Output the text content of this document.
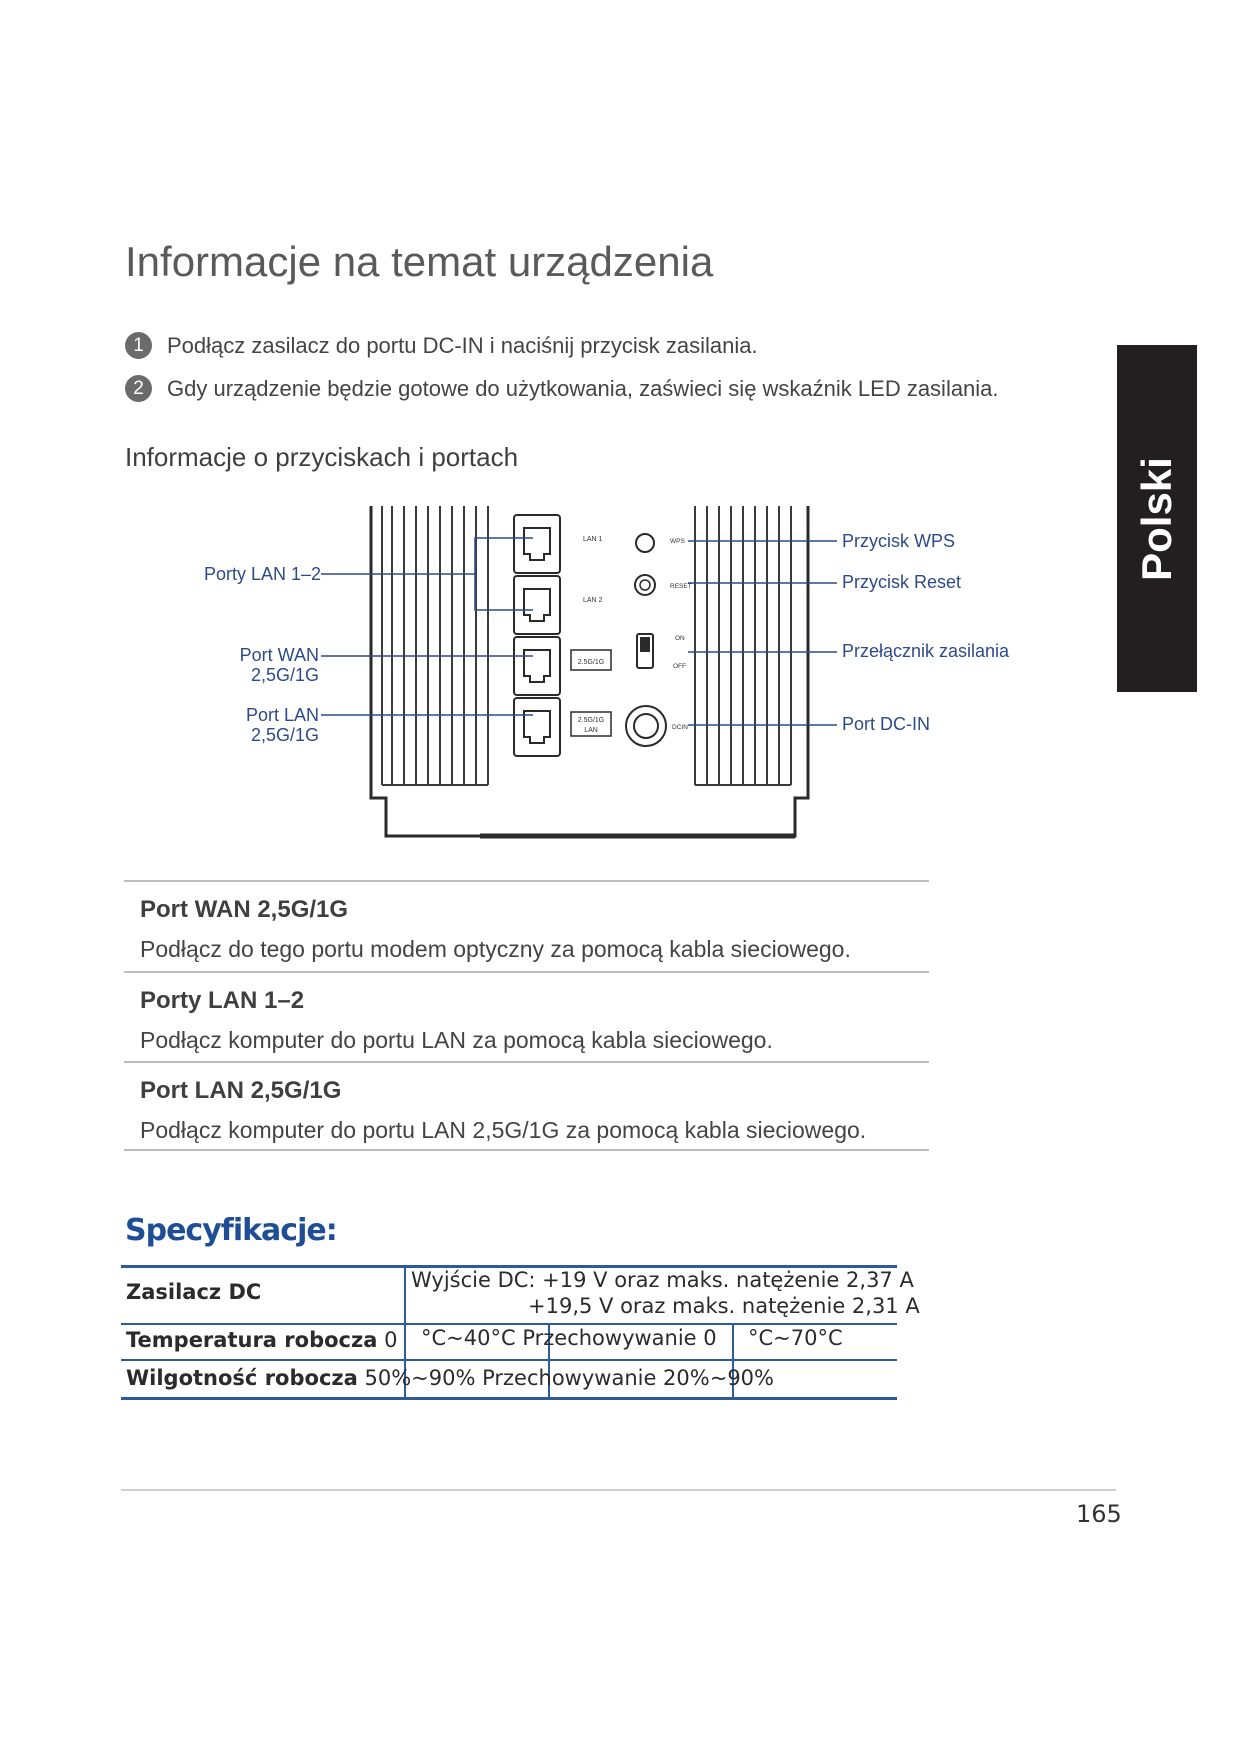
Informacje na temat urządzenia
1	Podłącz zasilacz do portu DC-IN i naciśnij przycisk zasilania.
2	Gdy urządzenie będzie gotowe do użytkowania, zaświeci się wskaźnik LED zasilania.
Informacje o przyciskach i portach	Polski
2.5G/1G
2.5G/1G
LAN
LAN 1
LAN 2
WPS
RESET
ON
OFF
DCIN
Porty LAN 1–2
Port WAN
2,5G/1G
Port LAN
2,5G/1G
Przycisk WPS
Przycisk Reset
Przełącznik zasilania
Port DC-IN
Port WAN 2,5G/1G
Podłącz do tego portu modem optyczny za pomocą kabla sieciowego.
Porty LAN 1–2
Podłącz komputer do portu LAN za pomocą kabla sieciowego.
Port LAN 2,5G/1G
Podłącz komputer do portu LAN 2,5G/1G za pomocą kabla sieciowego.
Specyfikacje:
Zasilacz DC	Wyjście DC: +19 V oraz maks. natężenie 2,37 A
+19,5 V oraz maks. natężenie 2,31 A
Temperatura robocza 0 °C~40°C Przechowywanie 0 °C~70°C
Wilgotność robocza 50%~90% Przechowywanie 20%~90%
165
